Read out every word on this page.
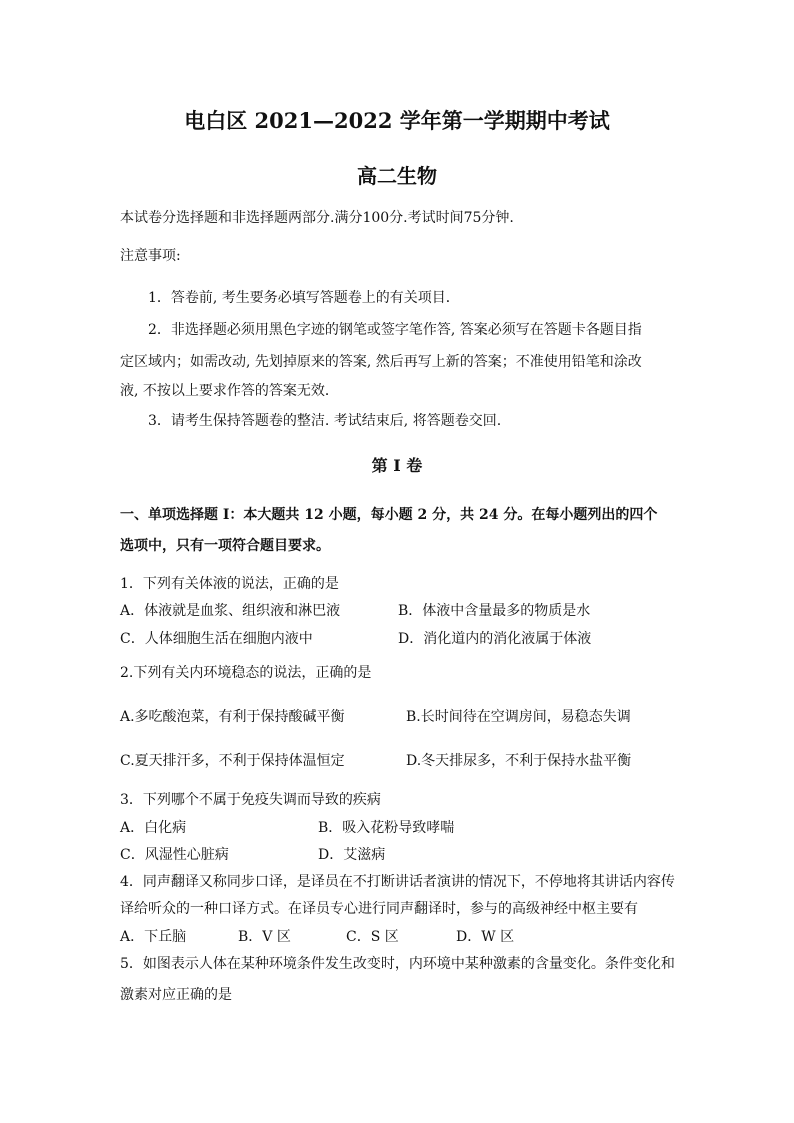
电白区 2021—2022 学年第一学期期中考试
高二生物
本试卷分选择题和非选择题两部分.满分100分.考试时间75分钟.
注意事项:
1．答卷前, 考生要务必填写答题卷上的有关项目．
2．非选择题必须用黑色字迹的钢笔或签字笔作答, 答案必须写在答题卡各题目指
定区域内；如需改动, 先划掉原来的答案, 然后再写上新的答案；不准使用铅笔和涂改
液, 不按以上要求作答的答案无效．
3．请考生保持答题卷的整洁. 考试结束后, 将答题卷交回.
第 I 卷
一、单项选择题 I：本大题共 12 小题，每小题 2 分，共 24 分。在每小题列出的四个
选项中，只有一项符合题目要求。
1．下列有关体液的说法，正确的是
A．体液就是血浆、组织液和淋巴液	B．体液中含量最多的物质是水
C．人体细胞生活在细胞内液中	D．消化道内的消化液属于体液
2.下列有关内环境稳态的说法，正确的是
A.多吃酸泡菜，有利于保持酸碱平衡	B.长时间待在空调房间，易稳态失调
C.夏天排汗多，不利于保持体温恒定	D.冬天排尿多，不利于保持水盐平衡
3．下列哪个不属于免疫失调而导致的疾病
A．白化病	B．吸入花粉导致哮喘
C．风湿性心脏病	D．艾滋病
4．同声翻译又称同步口译，是译员在不打断讲话者演讲的情况下，不停地将其讲话内容传
译给听众的一种口译方式。在译员专心进行同声翻译时，参与的高级神经中枢主要有
A．下丘脑	B．V 区	C．S 区	D．W 区
5．如图表示人体在某种环境条件发生改变时，内环境中某种激素的含量变化。条件变化和
激素对应正确的是
